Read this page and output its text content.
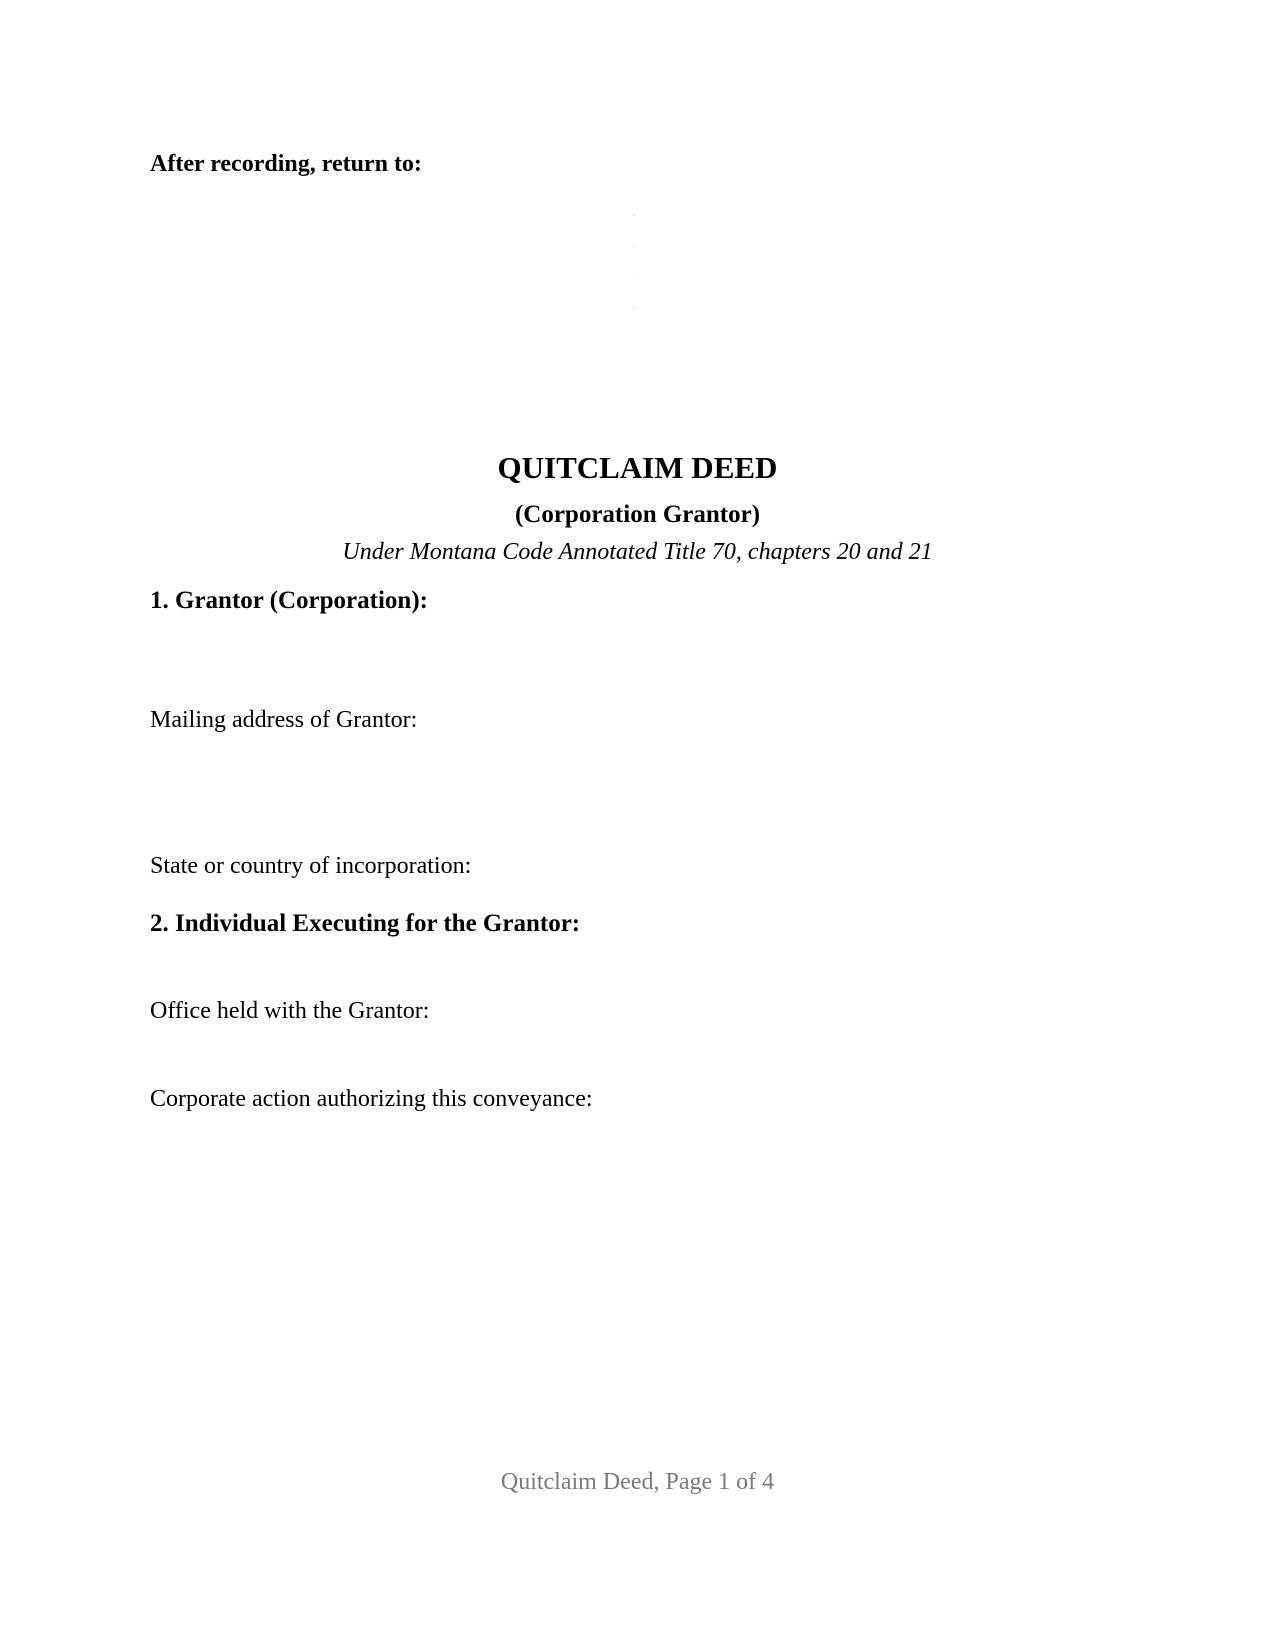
After recording, return to:
QUITCLAIM DEED
(Corporation Grantor)
Under Montana Code Annotated Title 70, chapters 20 and 21
1. Grantor (Corporation):
Mailing address of Grantor:
State or country of incorporation:
2. Individual Executing for the Grantor:
Office held with the Grantor:
Corporate action authorizing this conveyance:
Quitclaim Deed, Page 1 of 4
